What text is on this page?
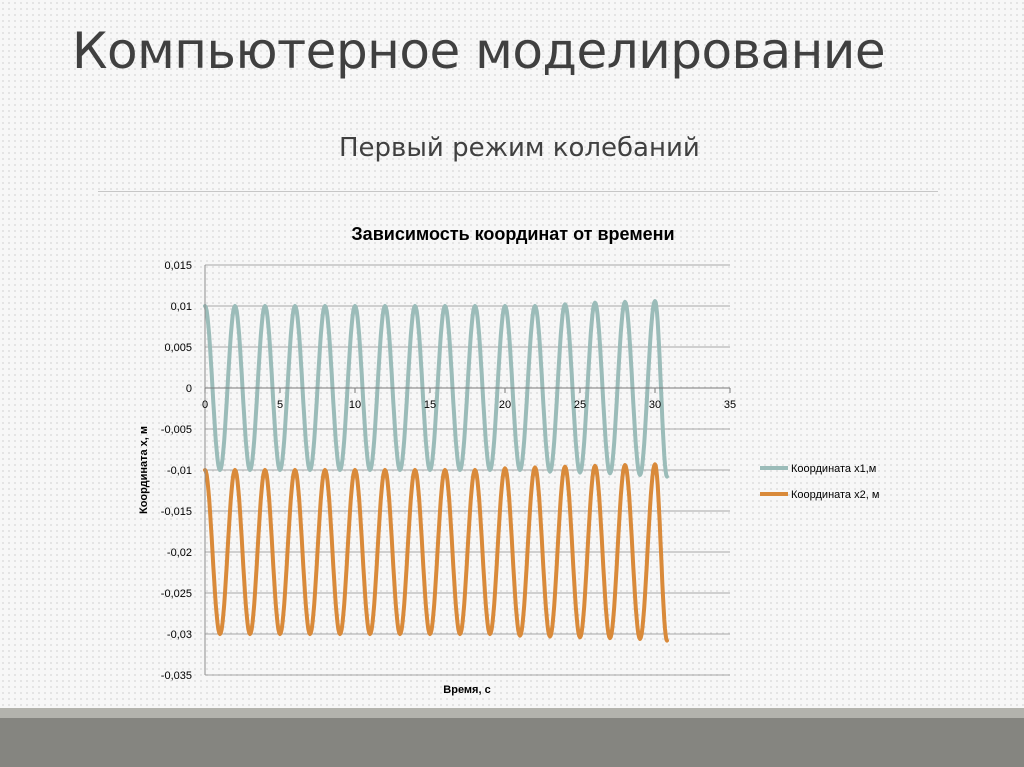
Компьютерное моделирование
Первый режим колебаний
Зависимость координат от времени
0,015
0,01
0,005
0
-0,005
-0,01
-0,015
-0,02
-0,025
-0,03
-0,035
0	5	10	15	20	25	30	35
Время, с
Координата x, м	Координата х1,м
Координата х2, м
